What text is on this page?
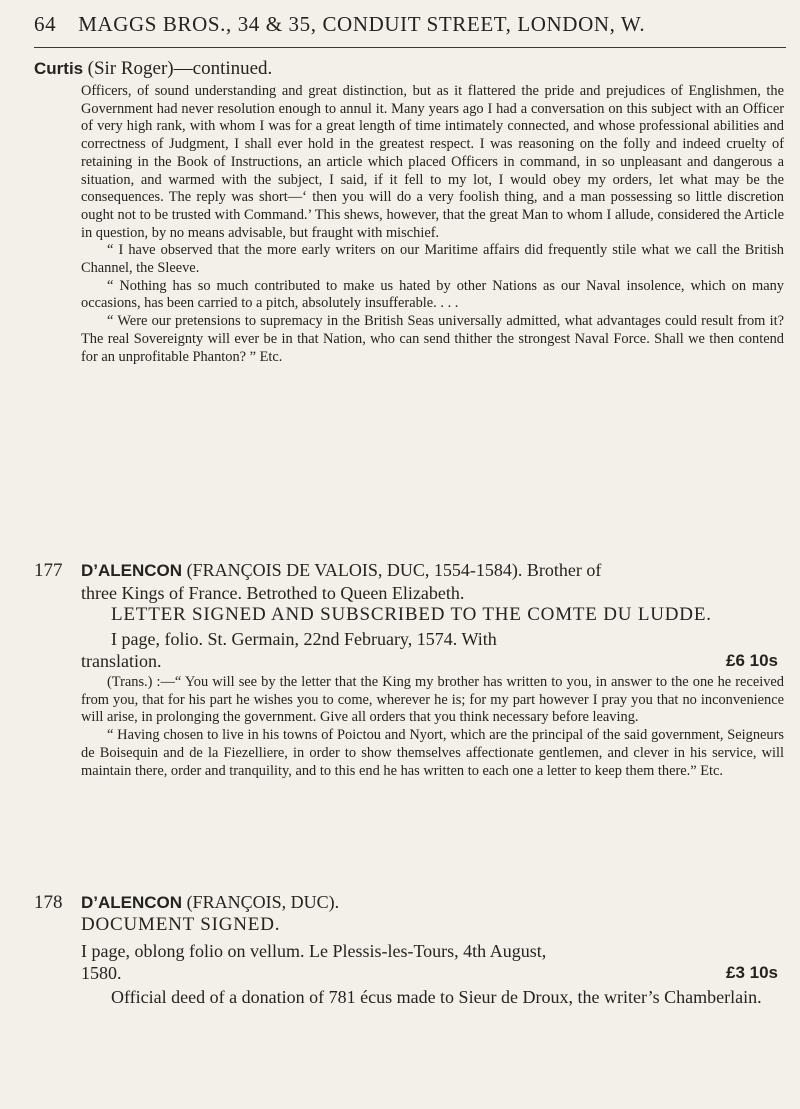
64 MAGGS BROS., 34 & 35, CONDUIT STREET, LONDON, W.
Curtis (Sir Roger)—continued.

Officers, of sound understanding and great distinction, but as it flattered the pride and prejudices of Englishmen, the Government had never resolution enough to annul it. Many years ago I had a conversation on this subject with an Officer of very high rank, with whom I was for a great length of time intimately connected, and whose professional abilities and correctness of Judgment, I shall ever hold in the greatest respect. I was reasoning on the folly and indeed cruelty of retaining in the Book of Instructions, an article which placed Officers in command, in so unpleasant and dangerous a situation, and warmed with the subject, I said, if it fell to my lot, I would obey my orders, let what may be the consequences. The reply was short—‘ then you will do a very foolish thing, and a man possessing so little discretion ought not to be trusted with Command.’ This shews, however, that the great Man to whom I allude, considered the Article in question, by no means advisable, but fraught with mischief.

“ I have observed that the more early writers on our Maritime affairs did frequently stile what we call the British Channel, the Sleeve.

“ Nothing has so much contributed to make us hated by other Nations as our Naval insolence, which on many occasions, has been carried to a pitch, absolutely insufferable. . . .

“ Were our pretensions to supremacy in the British Seas universally admitted, what advantages could result from it? The real Sovereignty will ever be in that Nation, who can send thither the strongest Naval Force. Shall we then contend for an unprofitable Phanton? ” Etc.

177 D’ALENCON (FRANÇOIS DE VALOIS, DUC, 1554-1584). Brother of
three Kings of France. Betrothed to Queen Elizabeth.
LETTER SIGNED AND SUBSCRIBED TO THE COMTE DU LUDDE.
I page, folio. St. Germain, 22nd February, 1574. With
translation.	£6 10s

(Trans.) :—“ You will see by the letter that the King my brother has written to you, in answer to the one he received from you, that for his part he wishes you to come, wherever he is; for my part however I pray you that no inconvenience will arise, in prolonging the government. Give all orders that you think necessary before leaving.

“ Having chosen to live in his towns of Poictou and Nyort, which are the principal of the said government, Seigneurs de Boisequin and de la Fiezelliere, in order to show themselves affectionate gentlemen, and clever in his service, will maintain there, order and tranquility, and to this end he has written to each one a letter to keep them there.” Etc.

178 D’ALENCON (FRANÇOIS, DUC).
DOCUMENT SIGNED.
I page, oblong folio on vellum. Le Plessis-les-Tours, 4th August,
1580.	£3 10s

Official deed of a donation of 781 écus made to Sieur de Droux, the writer’s Chamberlain.
